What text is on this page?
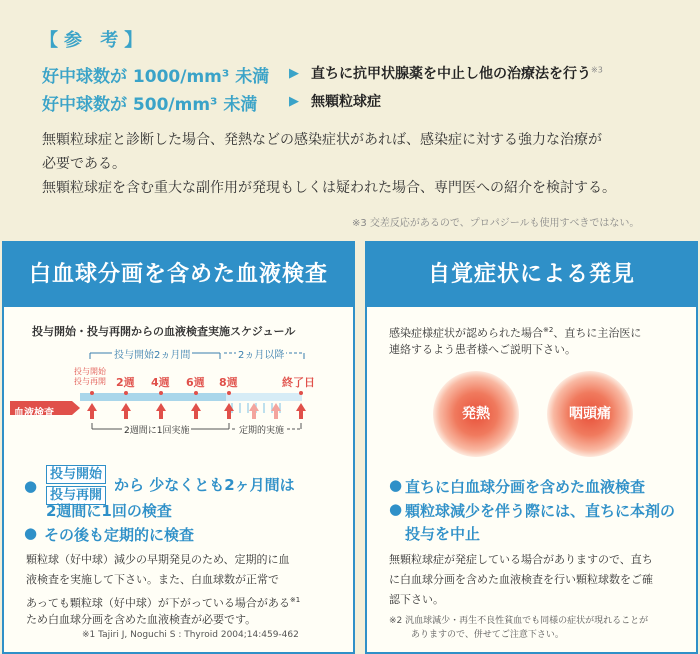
【参 考】
好中球数が 1000/mm³ 未満 ▶ 直ちに抗甲状腺薬を中止し他の治療法を行う$^{※3}$
好中球数が 500/mm³ 未満 ▶ 無顆粒球症
無顆粒球症と診断した場合、発熱などの感染症状があれば、感染症に対する強力な治療が
必要である。
無顆粒球症を含む重大な副作用が発現もしくは疑われた場合、専門医への紹介を検討する。
※3 交差反応があるので、プロパジールも使用すべきではない。
白血球分画を含めた血液検査
投与開始・投与再開からの血液検査実施スケジュール
投与開始2ヵ月間	2ヵ月以降
投与開始
投与再開 2週 4週 6週 8週	終了日
血液検査
2週間に1回実施	定期的実施
●
投与開始
投与再開
から 少なくとも2ヶ月間は
2週間に1回の検査
● その後も定期的に検査
顆粒球（好中球）減少の早期発見のため、定期的に血
液検査を実施して下さい。また、白血球数が正常で
あっても顆粒球（好中球）が下がっている場合がある$^{※1}$
ため白血球分画を含めた血液検査が必要です。
※1 Tajiri J, Noguchi S : Thyroid 2004;14:459-462
自覚症状による発見
感染症様症状が認められた場合$^{※2}$、直ちに主治医に
連絡するよう患者様へご説明下さい。
発熱	咽頭痛
● 直ちに白血球分画を含めた血液検査
● 顆粒球減少を伴う際には、直ちに本剤の
投与を中止
無顆粒球症が発症している場合がありますので、直ち
に白血球分画を含めた血液検査を行い顆粒球数をご確
認下さい。
※2 汎血球減少・再生不良性貧血でも同様の症状が現れることが
ありますので、併せてご注意下さい。
